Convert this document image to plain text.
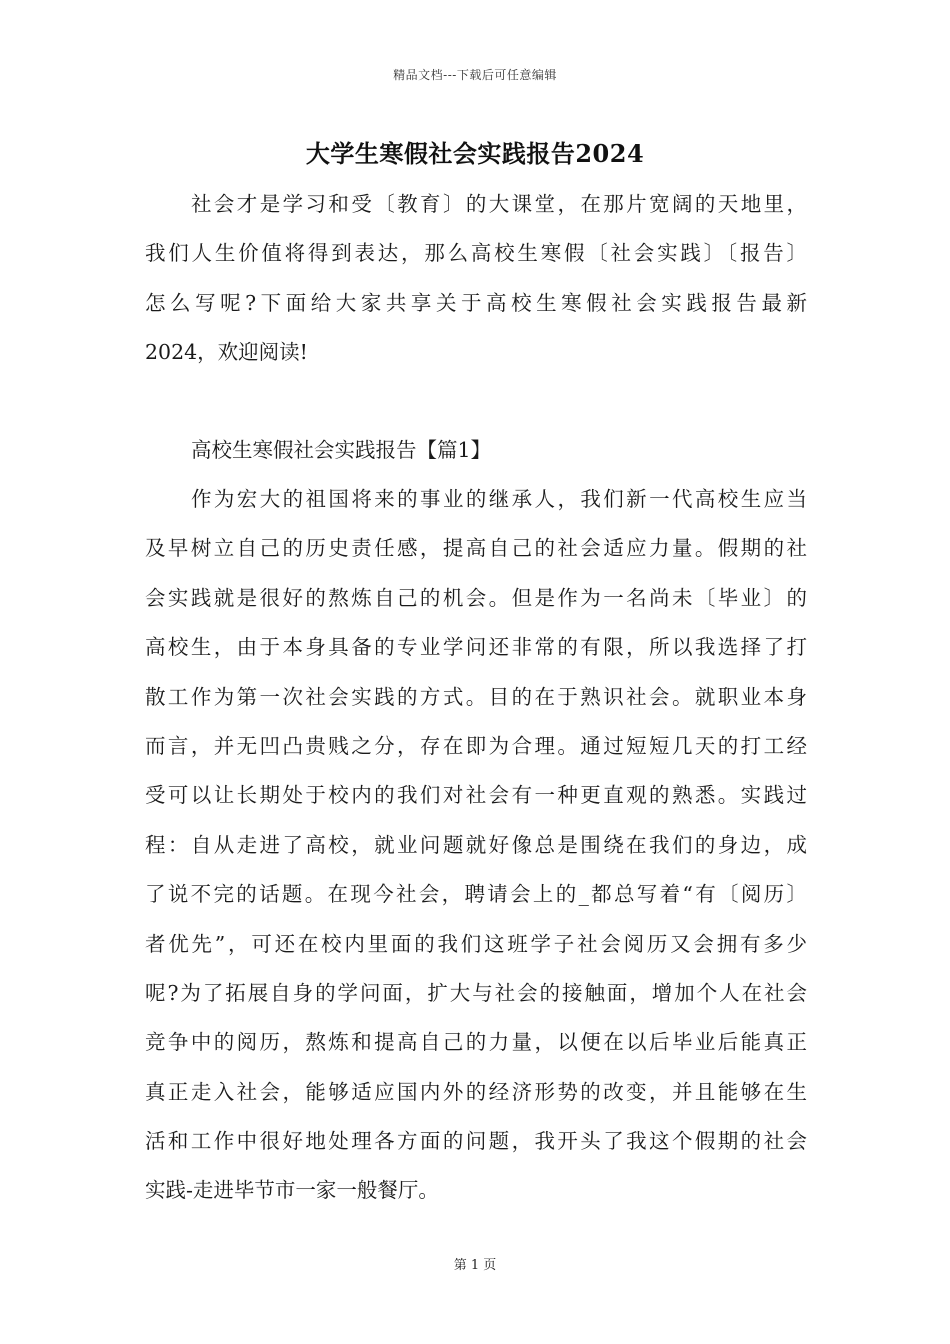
精品文档---下载后可任意编辑
大学生寒假社会实践报告2024
社会才是学习和受〔教育〕的大课堂，在那片宽阔的天地里，
我们人生价值将得到表达，那么高校生寒假〔社会实践〕〔报告〕
怎么写呢?下面给大家共享关于高校生寒假社会实践报告最新
2024，欢迎阅读!
高校生寒假社会实践报告【篇1】
作为宏大的祖国将来的事业的继承人，我们新一代高校生应当
及早树立自己的历史责任感，提高自己的社会适应力量。假期的社
会实践就是很好的熬炼自己的机会。但是作为一名尚未〔毕业〕的
高校生，由于本身具备的专业学问还非常的有限，所以我选择了打
散工作为第一次社会实践的方式。目的在于熟识社会。就职业本身
而言，并无凹凸贵贱之分，存在即为合理。通过短短几天的打工经
受可以让长期处于校内的我们对社会有一种更直观的熟悉。实践过
程：自从走进了高校，就业问题就好像总是围绕在我们的身边，成
了说不完的话题。在现今社会，聘请会上的_都总写着“有〔阅历〕
者优先”，可还在校内里面的我们这班学子社会阅历又会拥有多少
呢?为了拓展自身的学问面，扩大与社会的接触面，增加个人在社会
竞争中的阅历，熬炼和提高自己的力量，以便在以后毕业后能真正
真正走入社会，能够适应国内外的经济形势的改变，并且能够在生
活和工作中很好地处理各方面的问题，我开头了我这个假期的社会
实践-走进毕节市一家一般餐厅。
第 1 页
